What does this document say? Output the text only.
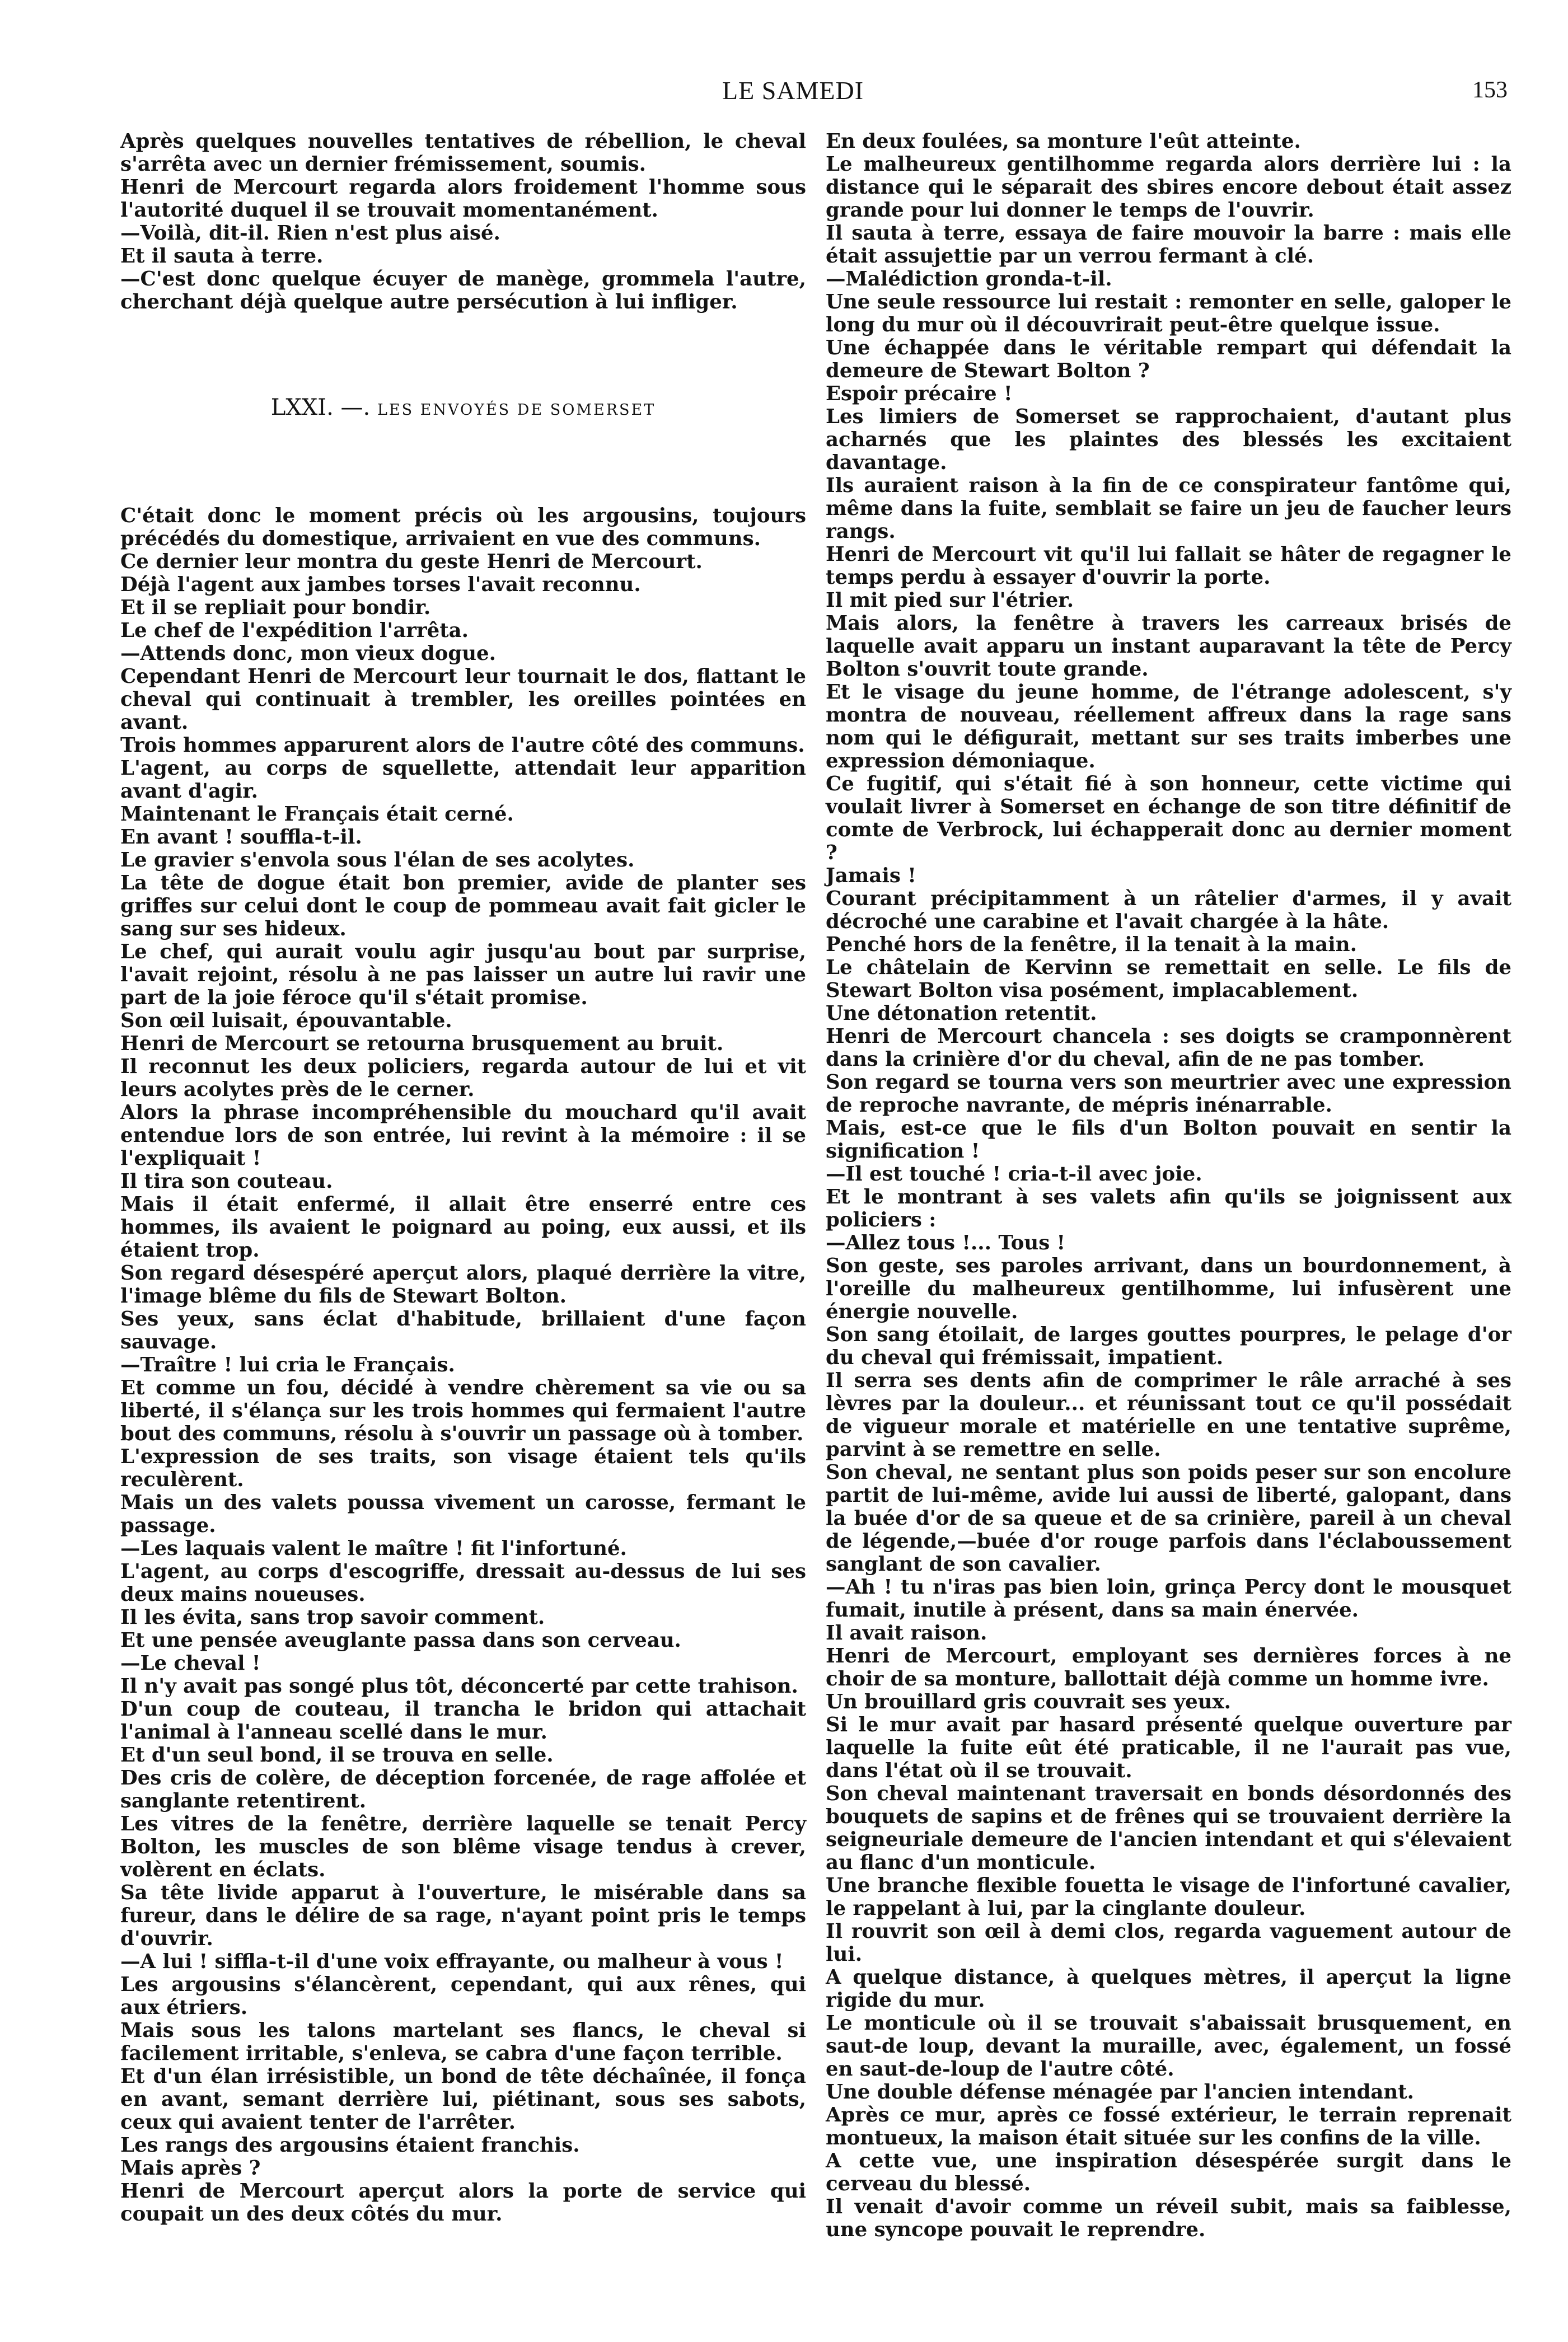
LE SAMEDI	153

Après quelques nouvelles tentatives de rébellion, le cheval s'arrêta avec un dernier frémissement, soumis.

Henri de Mercourt regarda alors froidement l'homme sous l'autorité duquel il se trouvait momentanément.

—Voilà, dit-il. Rien n'est plus aisé.

Et il sauta à terre.

—C'est donc quelque écuyer de manège, grommela l'autre, cherchant déjà quelque autre persécution à lui infliger.

LXXI. —. LES ENVOYÉS DE SOMERSET

C'était donc le moment précis où les argousins, toujours précédés du domestique, arrivaient en vue des communs.

Ce dernier leur montra du geste Henri de Mercourt.

Déjà l'agent aux jambes torses l'avait reconnu.

Et il se repliait pour bondir.

Le chef de l'expédition l'arrêta.

—Attends donc, mon vieux dogue.

Cependant Henri de Mercourt leur tournait le dos, flattant le cheval qui continuait à trembler, les oreilles pointées en avant.

Trois hommes apparurent alors de l'autre côté des communs.

L'agent, au corps de squellette, attendait leur apparition avant d'agir.

Maintenant le Français était cerné.

En avant ! souffla-t-il.

Le gravier s'envola sous l'élan de ses acolytes.

La tête de dogue était bon premier, avide de planter ses griffes sur celui dont le coup de pommeau avait fait gicler le sang sur ses hideux.

Le chef, qui aurait voulu agir jusqu'au bout par surprise, l'avait rejoint, résolu à ne pas laisser un autre lui ravir une part de la joie féroce qu'il s'était promise.

Son œil luisait, épouvantable.

Henri de Mercourt se retourna brusquement au bruit.

Il reconnut les deux policiers, regarda autour de lui et vit leurs acolytes près de le cerner.

Alors la phrase incompréhensible du mouchard qu'il avait entendue lors de son entrée, lui revint à la mémoire : il se l'expliquait !

Il tira son couteau.

Mais il était enfermé, il allait être enserré entre ces hommes, ils avaient le poignard au poing, eux aussi, et ils étaient trop.

Son regard désespéré aperçut alors, plaqué derrière la vitre, l'image blême du fils de Stewart Bolton.

Ses yeux, sans éclat d'habitude, brillaient d'une façon sauvage.

—Traître ! lui cria le Français.

Et comme un fou, décidé à vendre chèrement sa vie ou sa liberté, il s'élança sur les trois hommes qui fermaient l'autre bout des communs, résolu à s'ouvrir un passage où à tomber.

L'expression de ses traits, son visage étaient tels qu'ils reculèrent.

Mais un des valets poussa vivement un carosse, fermant le passage.

—Les laquais valent le maître ! fit l'infortuné.

L'agent, au corps d'escogriffe, dressait au-dessus de lui ses deux mains noueuses.

Il les évita, sans trop savoir comment.

Et une pensée aveuglante passa dans son cerveau.

—Le cheval !

Il n'y avait pas songé plus tôt, déconcerté par cette trahison.

D'un coup de couteau, il trancha le bridon qui attachait l'animal à l'anneau scellé dans le mur.

Et d'un seul bond, il se trouva en selle.

Des cris de colère, de déception forcenée, de rage affolée et sanglante retentirent.

Les vitres de la fenêtre, derrière laquelle se tenait Percy Bolton, les muscles de son blême visage tendus à crever, volèrent en éclats.

Sa tête livide apparut à l'ouverture, le misérable dans sa fureur, dans le délire de sa rage, n'ayant point pris le temps d'ouvrir.

—A lui ! siffla-t-il d'une voix effrayante, ou malheur à vous !

Les argousins s'élancèrent, cependant, qui aux rênes, qui aux étriers.

Mais sous les talons martelant ses flancs, le cheval si facilement irritable, s'enleva, se cabra d'une façon terrible.

Et d'un élan irrésistible, un bond de tête déchaînée, il fonça en avant, semant derrière lui, piétinant, sous ses sabots, ceux qui avaient tenter de l'arrêter.

Les rangs des argousins étaient franchis.

Mais après ?

Henri de Mercourt aperçut alors la porte de service qui coupait un des deux côtés du mur.

En deux foulées, sa monture l'eût atteinte.

Le malheureux gentilhomme regarda alors derrière lui : la distance qui le séparait des sbires encore debout était assez grande pour lui donner le temps de l'ouvrir.

Il sauta à terre, essaya de faire mouvoir la barre : mais elle était assujettie par un verrou fermant à clé.

—Malédiction gronda-t-il.

Une seule ressource lui restait : remonter en selle, galoper le long du mur où il découvrirait peut-être quelque issue.

Une échappée dans le véritable rempart qui défendait la demeure de Stewart Bolton ?

Espoir précaire !

Les limiers de Somerset se rapprochaient, d'autant plus acharnés que les plaintes des blessés les excitaient davantage.

Ils auraient raison à la fin de ce conspirateur fantôme qui, même dans la fuite, semblait se faire un jeu de faucher leurs rangs.

Henri de Mercourt vit qu'il lui fallait se hâter de regagner le temps perdu à essayer d'ouvrir la porte.

Il mit pied sur l'étrier.

Mais alors, la fenêtre à travers les carreaux brisés de laquelle avait apparu un instant auparavant la tête de Percy Bolton s'ouvrit toute grande.

Et le visage du jeune homme, de l'étrange adolescent, s'y montra de nouveau, réellement affreux dans la rage sans nom qui le défigurait, mettant sur ses traits imberbes une expression démoniaque.

Ce fugitif, qui s'était fié à son honneur, cette victime qui voulait livrer à Somerset en échange de son titre définitif de comte de Verbrock, lui échapperait donc au dernier moment ?

Jamais !

Courant précipitamment à un râtelier d'armes, il y avait décroché une carabine et l'avait chargée à la hâte.

Penché hors de la fenêtre, il la tenait à la main.

Le châtelain de Kervinn se remettait en selle. Le fils de Stewart Bolton visa posément, implacablement.

Une détonation retentit.

Henri de Mercourt chancela : ses doigts se cramponnèrent dans la crinière d'or du cheval, afin de ne pas tomber.

Son regard se tourna vers son meurtrier avec une expression de reproche navrante, de mépris inénarrable.

Mais, est-ce que le fils d'un Bolton pouvait en sentir la signification !

—Il est touché ! cria-t-il avec joie.

Et le montrant à ses valets afin qu'ils se joignissent aux policiers :

—Allez tous !... Tous !

Son geste, ses paroles arrivant, dans un bourdonnement, à l'oreille du malheureux gentilhomme, lui infusèrent une énergie nouvelle.

Son sang étoilait, de larges gouttes pourpres, le pelage d'or du cheval qui frémissait, impatient.

Il serra ses dents afin de comprimer le râle arraché à ses lèvres par la douleur... et réunissant tout ce qu'il possédait de vigueur morale et matérielle en une tentative suprême, parvint à se remettre en selle.

Son cheval, ne sentant plus son poids peser sur son encolure partit de lui-même, avide lui aussi de liberté, galopant, dans la buée d'or de sa queue et de sa crinière, pareil à un cheval de légende,—buée d'or rouge parfois dans l'éclaboussement sanglant de son cavalier.

—Ah ! tu n'iras pas bien loin, grinça Percy dont le mousquet fumait, inutile à présent, dans sa main énervée.

Il avait raison.

Henri de Mercourt, employant ses dernières forces à ne choir de sa monture, ballottait déjà comme un homme ivre.

Un brouillard gris couvrait ses yeux.

Si le mur avait par hasard présenté quelque ouverture par laquelle la fuite eût été praticable, il ne l'aurait pas vue, dans l'état où il se trouvait.

Son cheval maintenant traversait en bonds désordonnés des bouquets de sapins et de frênes qui se trouvaient derrière la seigneuriale demeure de l'ancien intendant et qui s'élevaient au flanc d'un monticule.

Une branche flexible fouetta le visage de l'infortuné cavalier, le rappelant à lui, par la cinglante douleur.

Il rouvrit son œil à demi clos, regarda vaguement autour de lui.

A quelque distance, à quelques mètres, il aperçut la ligne rigide du mur.

Le monticule où il se trouvait s'abaissait brusquement, en saut-de loup, devant la muraille, avec, également, un fossé en saut-de-loup de l'autre côté.

Une double défense ménagée par l'ancien intendant.

Après ce mur, après ce fossé extérieur, le terrain reprenait montueux, la maison était située sur les confins de la ville.

A cette vue, une inspiration désespérée surgit dans le cerveau du blessé.

Il venait d'avoir comme un réveil subit, mais sa faiblesse, une syncope pouvait le reprendre.
